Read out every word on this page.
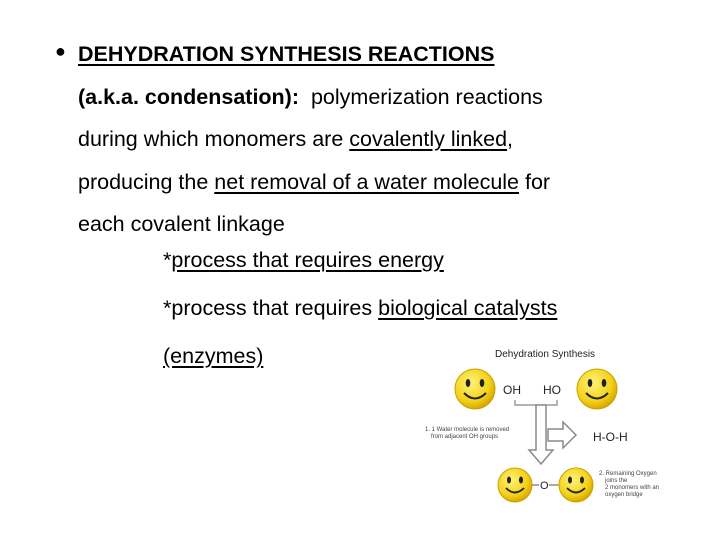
● DEHYDRATION SYNTHESIS REACTIONS
(a.k.a. condensation): polymerization reactions
during which monomers are covalently linked,
producing the net removal of a water molecule for
each covalent linkage

*process that requires energy

*process that requires biological catalysts

(enzymes)	Dehydration Synthesis
OH HO
H-O-H
1. 1 Water molecule is removed
from adjacent OH groups
O
2. Remaining Oxygen
joins the
2 monomers with an
oxygen bridge
